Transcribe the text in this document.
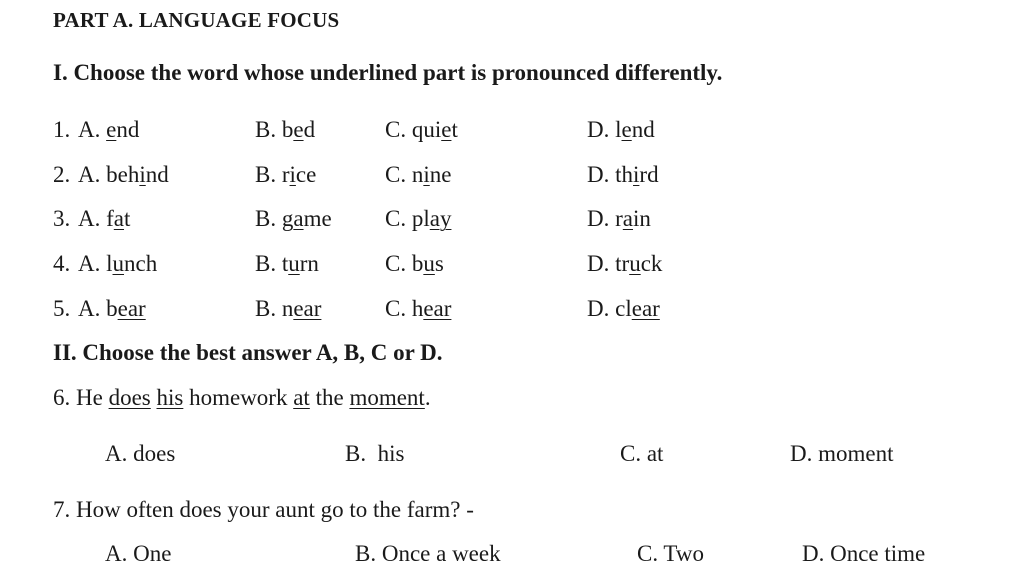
PART A. LANGUAGE FOCUS
I. Choose the word whose underlined part is pronounced differently.
1. A. end	B. bed	C. quiet	D. lend
2. A. behind	B. rice	C. nine	D. third
3. A. fat	B. game C. play	D. rain
4. A. lunch	B. turn	C. bus	D. truck
5. A. bear	B. near	C. hear	D. clear
II. Choose the best answer A, B, C or D.
6. He does his homework at the moment.
A. does	B.  his	C. at	D. moment
7. How often does your aunt go to the farm? -
A. One	B. Once a week	C. Two	D. Once time
